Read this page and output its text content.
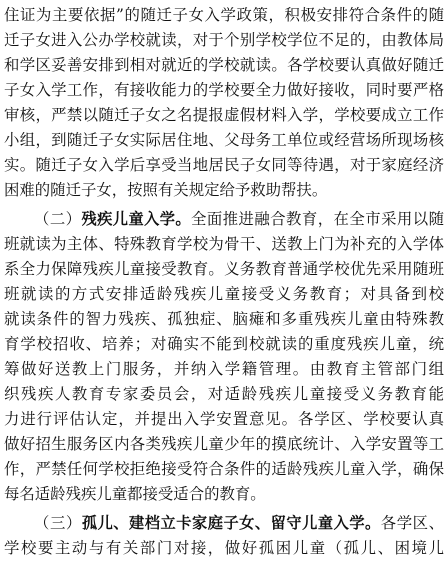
住证为主要依据”的随迁子女入学政策，积极安排符合条件的随
迁子女进入公办学校就读，对于个别学校学位不足的，由教体局
和学区妥善安排到相对就近的学校就读。各学校要认真做好随迁
子女入学工作，有接收能力的学校要全力做好接收，同时要严格
审核，严禁以随迁子女之名提报虚假材料入学，学校要成立工作
小组，到随迁子女实际居住地、父母务工单位或经营场所现场核
实。随迁子女入学后享受当地居民子女同等待遇，对于家庭经济
困难的随迁子女，按照有关规定给予救助帮扶。
（二）残疾儿童入学。全面推进融合教育，在全市采用以随
班就读为主体、特殊教育学校为骨干、送教上门为补充的入学体
系全力保障残疾儿童接受教育。义务教育普通学校优先采用随班
班就读的方式安排适龄残疾儿童接受义务教育；对具备到校
就读条件的智力残疾、孤独症、脑瘫和多重残疾儿童由特殊教
育学校招收、培养；对确实不能到校就读的重度残疾儿童，统
筹做好送教上门服务，并纳入学籍管理。由教育主管部门组
织残疾人教育专家委员会，对适龄残疾儿童接受义务教育能
力进行评估认定，并提出入学安置意见。各学区、学校要认真
做好招生服务区内各类残疾儿童少年的摸底统计、入学安置等工
作，严禁任何学校拒绝接受符合条件的适龄残疾儿童入学，确保
每名适龄残疾儿童都接受适合的教育。
（三）孤儿、建档立卡家庭子女、留守儿童入学。各学区、
学校要主动与有关部门对接，做好孤困儿童（孤儿、困境儿
